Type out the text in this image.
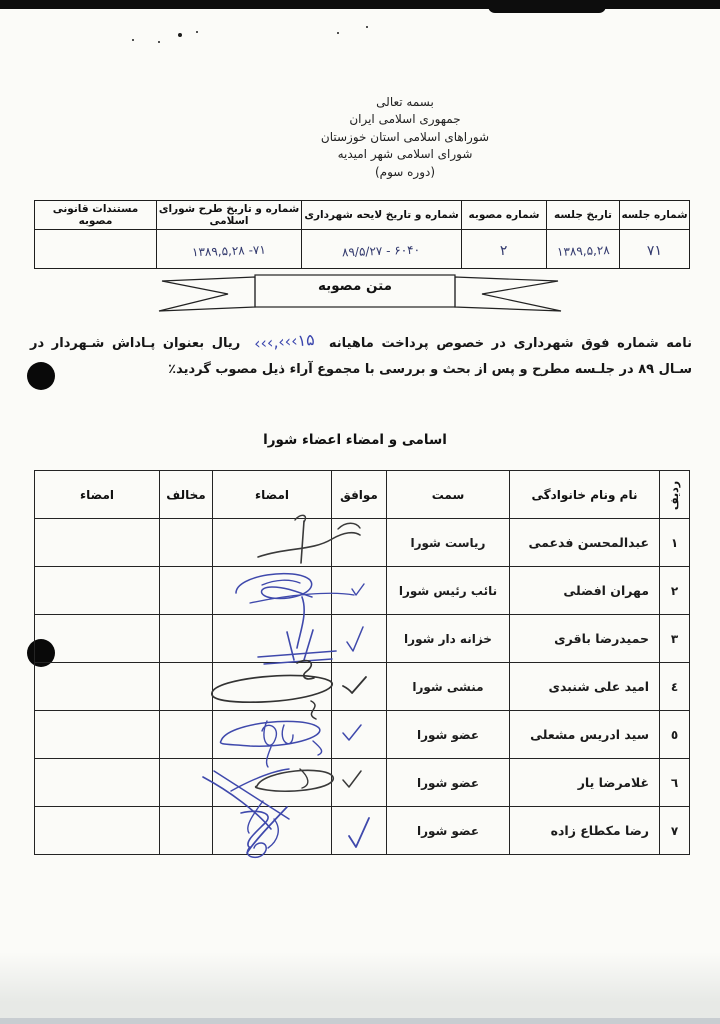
بسمه تعالی
جمهوری اسلامی ایران
شوراهای اسلامی استان خوزستان
شورای اسلامی شهر امیدیه
(دوره سوم)
شماره جلسه	تاریخ جلسه	شماره مصوبه	شماره و تاریخ لایحه شهرداری	شماره و تاریخ طرح شورای اسلامی	مستندات قانونی مصوبه
۷۱	۱۳۸۹,۵,۲۸	۲	۸۹/۵/۲۷ - ۶۰۴۰	۱۳۸۹,۵,۲۸ -۷۱	
متن مصوبه
نامه شماره فوق شهرداری در خصوص پرداخت ماهیانه‹‹‹,‹‹‹۱۵ریال بعنوان پـاداش شـهردار در سـال ۸۹ در جلـسه مطرح و پس از بحث و بررسی با مجموع آراء ذیل مصوب گردید٪
اسامی و امضاء اعضاء شورا
ردیف	نام ونام خانوادگی	سمت	موافق	امضاء	مخالف	امضاء
۱	عبدالمحسن فدعمی	ریاست شورا				
۲	مهران افضلی	نائب رئیس شورا				
۳	حمیدرضا باقری	خزانه دار شورا				
٤	امید علی شنبدی	منشی شورا				
٥	سید ادریس مشعلی	عضو شورا				
٦	غلامرضا یار	عضو شورا				
۷	رضا مکطاع زاده	عضو شورا				
